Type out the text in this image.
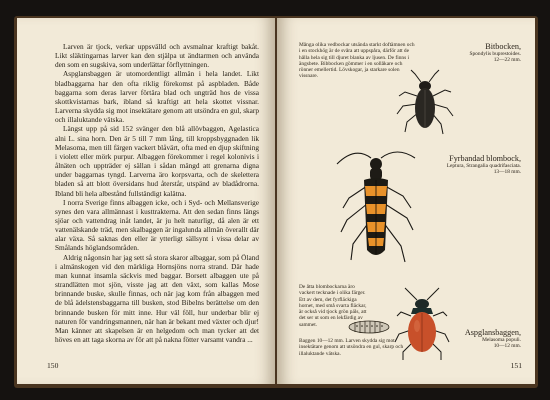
Larven är tjock, verkar uppsvälld och avsmalnar kraftigt bakåt. Likt släktingarnas larver kan den stjälpa ut ändtarmen och använda den som en sugskiva, som underlättar förflyttningen.

Aspglansbaggen är utomordentligt allmän i hela landet. Likt bladbaggarna har den ofta riklig förekomst på aspbladen. Både baggarna som deras larver förtära blad och ungträd hos de vissa skottkvistarnas bark, ibland så kraftigt att hela skottet vissnar. Larverna skydda sig mot insektätare genom att utsöndra en gul, skarp och illaluktande vätska.

Längst upp på sid 152 svänger den blå allövbaggen, Agelastica alni L. sina horn. Den är 5 till 7 mm lång, till kroppsbyggnaden lik Melasoma, men till färgen vackert blåvärt, ofta med en djup skiftning i violett eller mörk purpur. Albaggen förekommer i regel kolonivis i ålnäten och uppträder ej sällan i sådan mängd att grenarna digna under baggarnas tyngd. Larverna äro korpsvarta, och de skelettera bladen så att blott översidans hud återstår, utspänd av bladådrorna. Ibland bli hela albestånd fullständigt kalätna.

I norra Sverige finns albaggen icke, och i Syd- och Mellansverige synes den vara allmännast i kusttrakterna. Att den sedan finns längs sjöar och vattendrag inåt landet, är ju helt naturligt, då alen är ett vattenälskande träd, men skalbaggen är ingalunda allmän överallt där alar växa. Så saknas den eller är ytterligt sällsynt i vissa delar av Smålands höglandsområden.

Aldrig någonsin har jag sett så stora skaror albaggar, som på Öland i almänskogen vid den märkliga Hornsjöns norra strand. Där hade man kunnat insamla säckvis med baggar. Borsett albaggen ute på strandlätten mot sjön, visste jag att den växt, som kallas Mose brinnande buske, skulle finnas, och när jag kom från albaggen med de blå ädelstensbaggarna till busken, stod Bibelns berättelse om den brinnande busken för mitt inne. Hur väl föll, hur underbar blir ej naturen för vandringsmannen, när han är bekant med växter och djur! Man känner att skapelsen är en helgedom och man tycker att det höves en att taga skorna av för att på nakna fötter varsamt vandra ...

150
Många olika vedbockar utsända starkt doftämnen och i en stockhög är de svåra att uppspåra, därför att de hålla hela sig till djuret blanka av ljusen. De finns i ängsbete. Bibbocken gömmer i en sollåkare och rönner emellertid. Lövskogar, ja starkare solen vissnare.
Bitbocken,
Spondylis buprestoides.
12—22 mm.
Fyrbandad blombock,
Leptura, Strangalia quadrifasciata.
13—18 mm.
De åtta blombockarna äro vackert tecknade i olika färger. Ett av dem, det fyrfläckiga hornet, med små svarta fläckar, är också vid tjock grön päls, att det ser ut som en lekfärdig av sammet.
Baggen 10—12 mm. Larven skydda sig mot insektätare genom att utsöndra en gul, skarp och illaluktande vätska.
Aspglansbaggen,
Melasoma populi.
10—12 mm.
151
